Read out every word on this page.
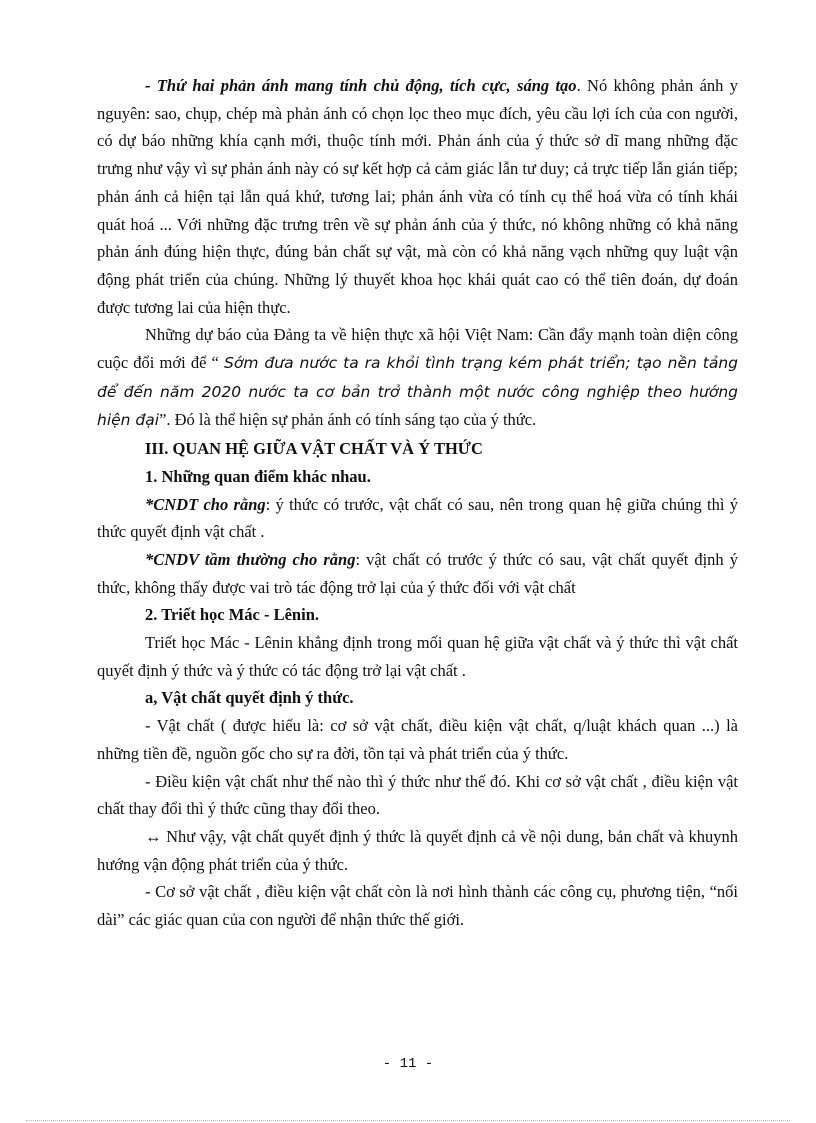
- Thứ hai phản ánh mang tính chủ động, tích cực, sáng tạo. Nó không phản ánh y nguyên: sao, chụp, chép mà phản ánh có chọn lọc theo mục đích, yêu cầu lợi ích của con người, có dự báo những khía cạnh mới, thuộc tính mới. Phản ánh của ý thức sở dĩ mang những đặc trưng như vậy vì sự phản ánh này có sự kết hợp cả cảm giác lẫn tư duy; cả trực tiếp lẫn gián tiếp; phản ánh cả hiện tại lẫn quá khứ, tương lai; phản ánh vừa có tính cụ thể hoá vừa có tính khái quát hoá ... Với những đặc trưng trên về sự phản ánh của ý thức, nó không những có khả năng phản ánh đúng hiện thực, đúng bản chất sự vật, mà còn có khả năng vạch những quy luật vận động phát triển của chúng. Những lý thuyết khoa học khái quát cao có thể tiên đoán, dự đoán được tương lai của hiện thực.

Những dự báo của Đảng ta về hiện thực xã hội Việt Nam: Cần đẩy mạnh toàn diện công cuộc đổi mới để “ Sớm đưa nước ta ra khỏi tình trạng kém phát triển; tạo nền tảng để đến năm 2020 nước ta cơ bản trở thành một nước công nghiệp theo hướng hiện đại”. Đó là thể hiện sự phản ánh có tính sáng tạo của ý thức.

III. QUAN HỆ GIỮA VẬT CHẤT VÀ Ý THỨC

1. Những quan điểm khác nhau.

*CNDT cho rằng: ý thức có trước, vật chất có sau, nên trong quan hệ giữa chúng thì ý thức quyết định vật chất .

*CNDV tầm thường cho rằng: vật chất có trước ý thức có sau, vật chất quyết định ý thức, không thấy được vai trò tác động trở lại của ý thức đối với vật chất

2. Triết học Mác - Lênin.

Triết học Mác - Lênin khẳng định trong mối quan hệ giữa vật chất và ý thức thì vật chất quyết định ý thức và ý thức có tác động trở lại vật chất .

a, Vật chất quyết định ý thức.

- Vật chất ( được hiểu là: cơ sở vật chất, điều kiện vật chất, q/luật khách quan ...) là những tiền đề, nguồn gốc cho sự ra đời, tồn tại và phát triển của ý thức.

- Điều kiện vật chất như thế nào thì ý thức như thế đó. Khi cơ sở vật chất , điều kiện vật chất thay đổi thì ý thức cũng thay đổi theo.

↔ Như vậy, vật chất quyết định ý thức là quyết định cả về nội dung, bản chất và khuynh hướng vận động phát triển của ý thức.

- Cơ sở vật chất , điều kiện vật chất còn là nơi hình thành các công cụ, phương tiện, “nối dài” các giác quan của con người để nhận thức thế giới.

- 11 -
